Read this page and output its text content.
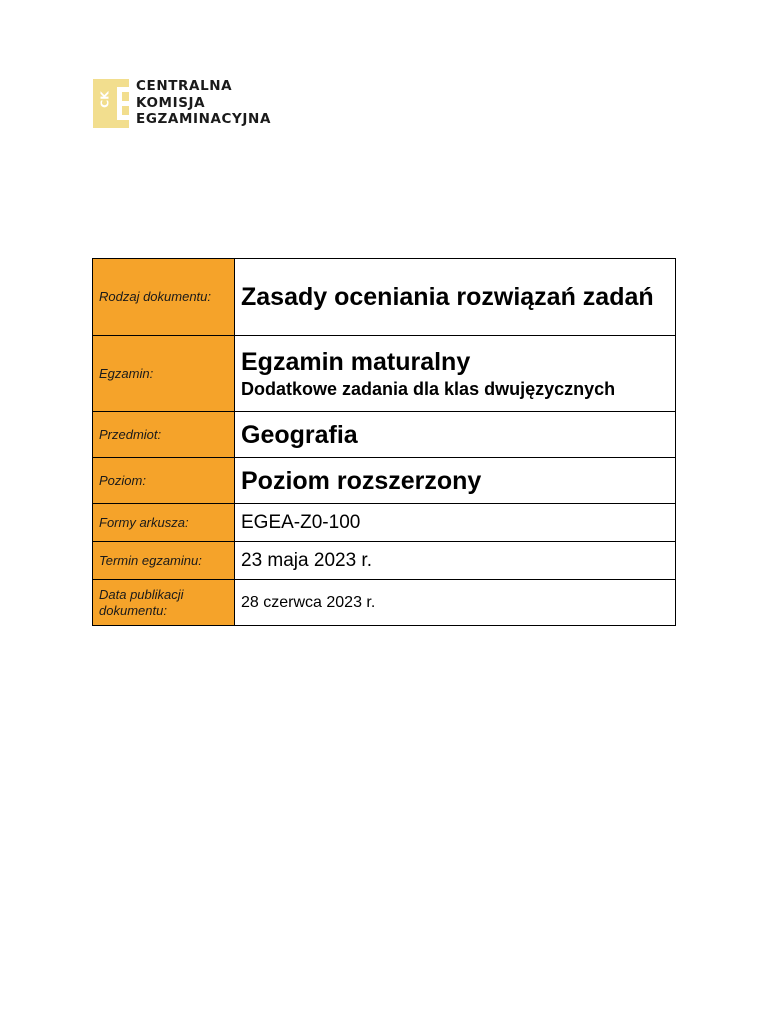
CK
CENTRALNA
KOMISJA
EGZAMINACYJNA
Rodzaj dokumentu:	Zasady oceniania rozwiązań zadań

Egzamin:	Egzamin maturalny
Dodatkowe zadania dla klas dwujęzycznych

Przedmiot:	Geografia

Poziom:	Poziom rozszerzony

Formy arkusza:	EGEA-Z0-100

Termin egzaminu:	23 maja 2023 r.

Data publikacji dokumentu:	28 czerwca 2023 r.
